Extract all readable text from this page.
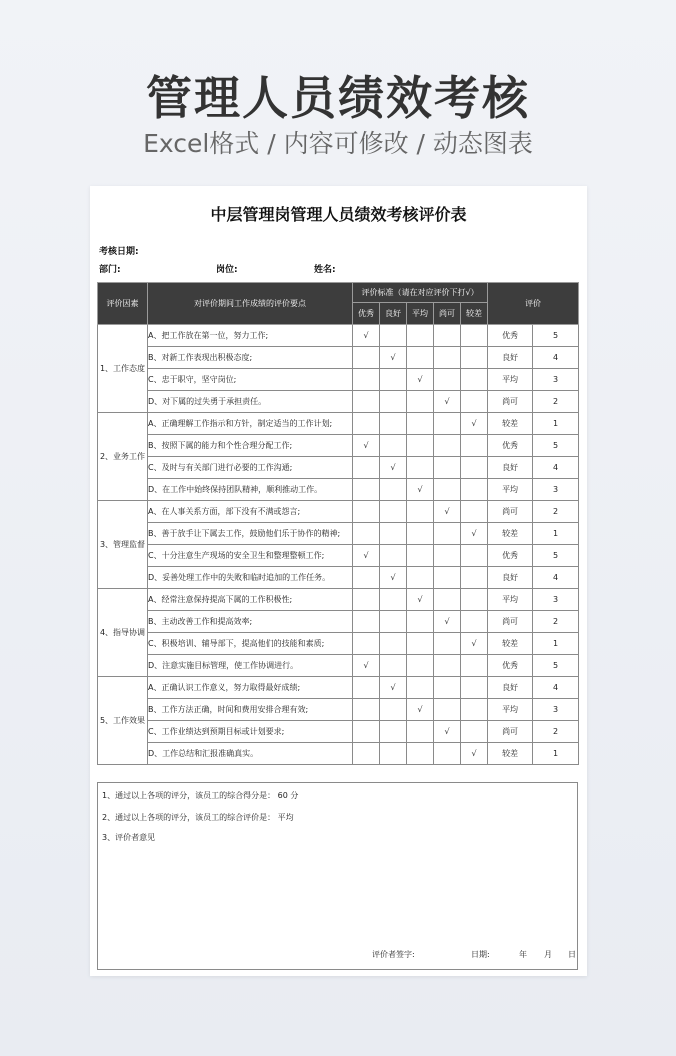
管理人员绩效考核
Excel格式 / 内容可修改 / 动态图表
中层管理岗管理人员绩效考核评价表
考核日期:
部门:	岗位:	姓名:
评价因素	对评价期间工作成绩的评价要点	评价标准（请在对应评价下打√）					评价	
		优秀	良好	平均	尚可	较差		
1、工作态度	A、把工作放在第一位，努力工作;	√					优秀	5
	B、对新工作表现出积极态度;		√				良好	4
	C、忠于职守，坚守岗位;			√			平均	3
	D、对下属的过失勇于承担责任。				√		尚可	2
2、业务工作	A、正确理解工作指示和方针，制定适当的工作计划;					√	较差	1
	B、按照下属的能力和个性合理分配工作;	√					优秀	5
	C、及时与有关部门进行必要的工作沟通;		√				良好	4
	D、在工作中始终保持团队精神，顺利推动工作。			√			平均	3
3、管理监督	A、在人事关系方面，部下没有不满或怨言;				√		尚可	2
	B、善于放手让下属去工作，鼓励他们乐于协作的精神;					√	较差	1
	C、十分注意生产现场的安全卫生和整理整顿工作;	√					优秀	5
	D、妥善处理工作中的失败和临时追加的工作任务。		√				良好	4
4、指导协调	A、经常注意保持提高下属的工作积极性;			√			平均	3
	B、主动改善工作和提高效率;				√		尚可	2
	C、积极培训、辅导部下，提高他们的技能和素质;					√	较差	1
	D、注意实施目标管理，使工作协调进行。	√					优秀	5
5、工作效果	A、正确认识工作意义，努力取得最好成绩;		√				良好	4
	B、工作方法正确，时间和费用安排合理有效;			√			平均	3
	C、工作业绩达到预期目标或计划要求;				√		尚可	2
	D、工作总结和汇报准确真实。					√	较差	1
1、通过以上各项的评分，该员工的综合得分是： 60 分
2、通过以上各项的评分，该员工的综合评价是： 平均
3、评价者意见
评价者签字:	日期:	年 月 日
